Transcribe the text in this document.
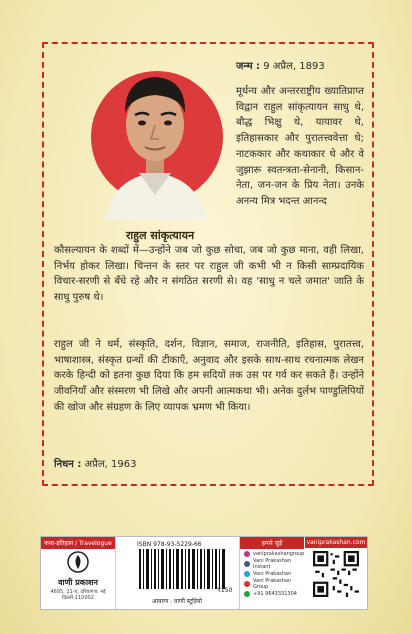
राहुल सांकृत्यायन
जन्म : 9 अप्रैल, 1893
मूर्धन्य और अन्तरराष्ट्रीय ख्यातिप्राप्त विद्वान राहुल सांकृत्यायन साधु थे, बौद्ध भिक्षु थे, यायावर थे, इतिहासकार और पुरातत्त्ववेत्ता थे; नाटककार और कथाकार थे और वे जुझारू स्वतन्त्रता-सेनानी, किसान-नेता, जन-जन के प्रिय नेता। उनके अनन्य मित्र भदन्त आनन्द
कौसल्यायन के शब्दों में—उन्होंने जब जो कुछ सोचा, जब जो कुछ माना, वही लिखा, निर्भय होकर लिखा। चिन्तन के स्तर पर राहुल जी कभी भी न किसी साम्प्रदायिक विचार-सरणी से बँधे रहे और न संगठित सरणी से। वह 'साधु न चले जमात' जाति के साधु पुरुष थे।
राहुल जी ने धर्म, संस्कृति, दर्शन, विज्ञान, समाज, राजनीति, इतिहास, पुरातत्त्व, भाषाशास्त्र, संस्कृत ग्रन्थों की टीकाएँ, अनुवाद और इसके साथ-साथ रचनात्मक लेखन करके हिन्दी को इतना कुछ दिया कि हम सदियों तक उस पर गर्व कर सकते हैं। उन्होंने जीवनियाँ और संस्मरण भी लिखे और अपनी आत्मकथा भी। अनेक दुर्लभ पाण्डुलिपियों की खोज और संग्रहण के लिए व्यापक भ्रमण भी किया।
निधन : अप्रैल, 1963
कथा-इतिहास / Travelogue
वाणी प्रकाशन
4695, 21-ए, दरियागंज, नई दिल्ली-110002
ISBN 978-93-5229-66
₹150
आवरण : वाणी स्टूडियो
हमसे जुड़ें
vaniprakashangroup
Vani Prakashan Instant
Vani Prakashan
Vani Prakashan Group
+91 9643331304
vaniprakashan.com
